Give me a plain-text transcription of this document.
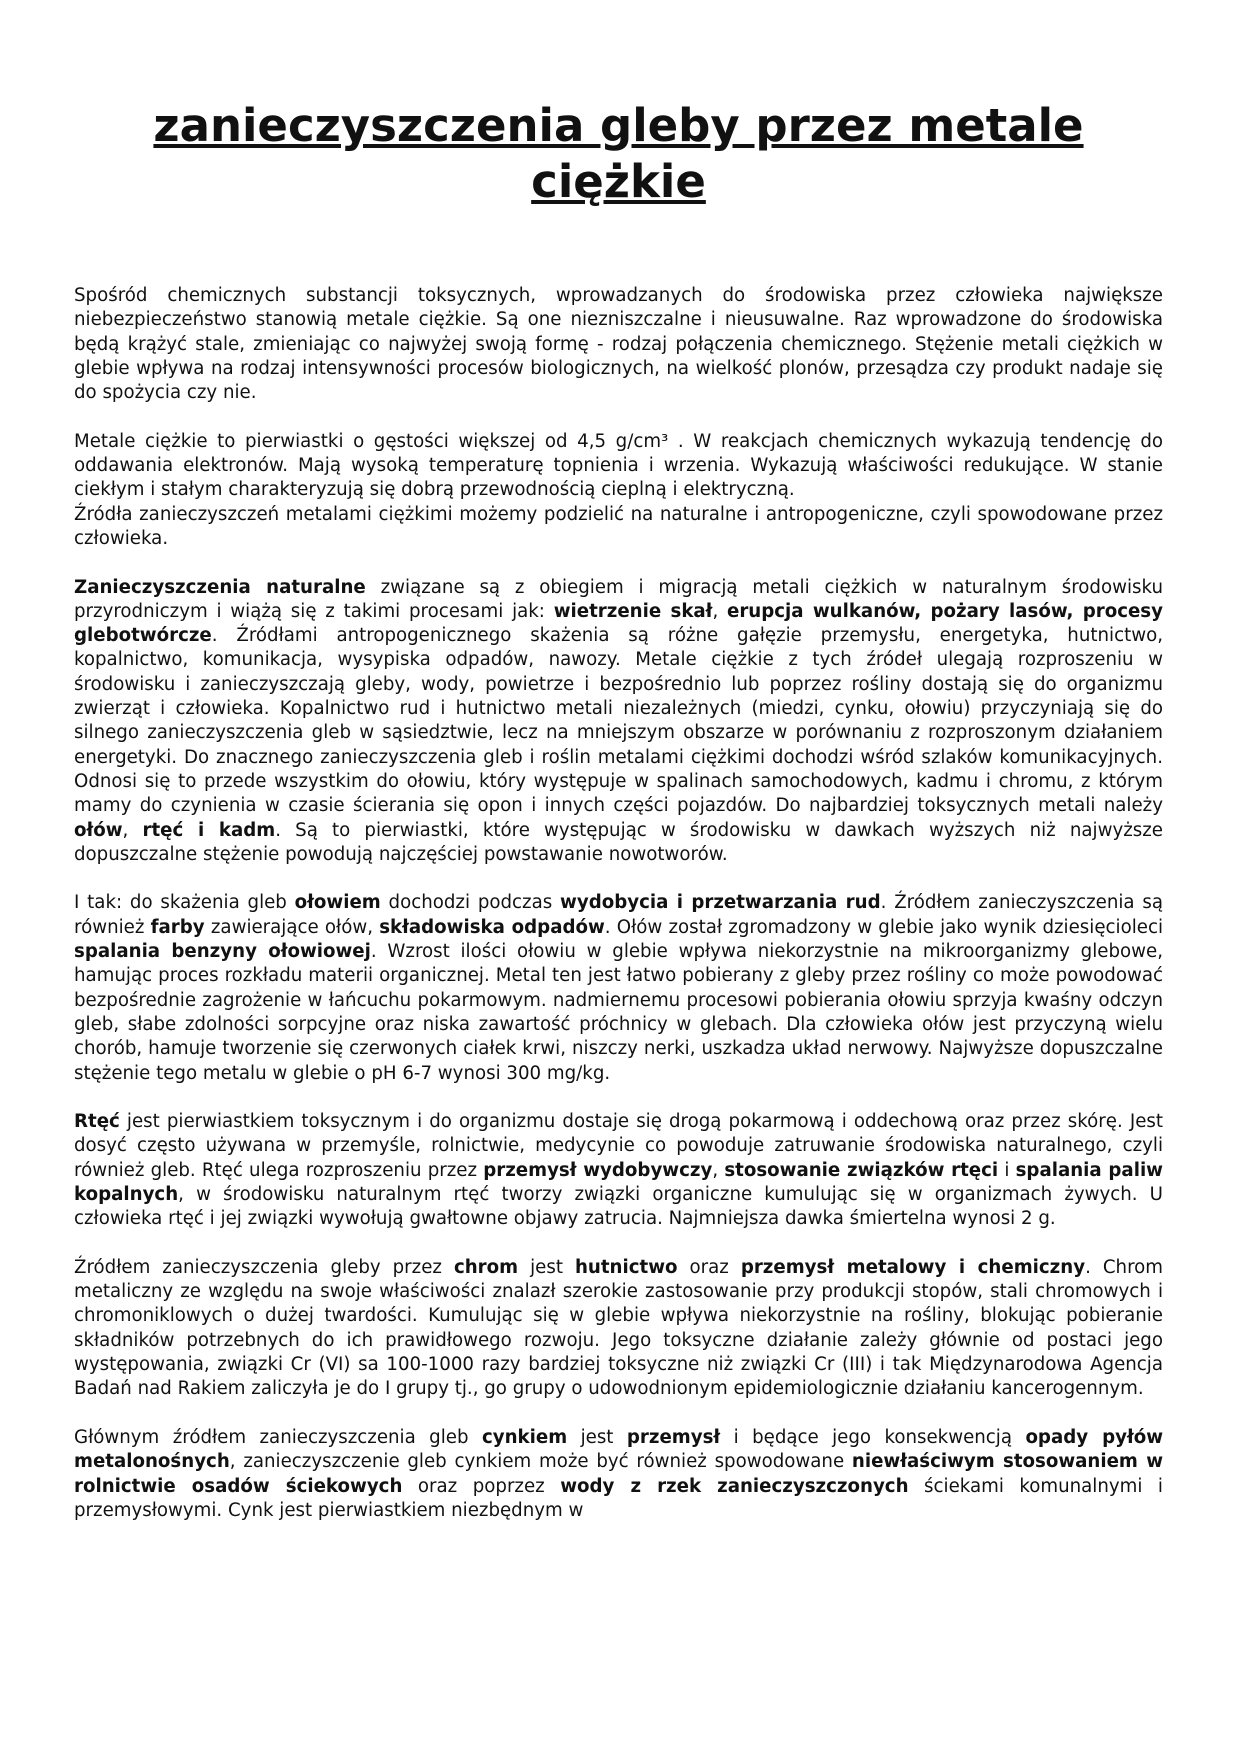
zanieczyszczenia gleby przez metale ciężkie

Spośród chemicznych substancji toksycznych, wprowadzanych do środowiska przez człowieka największe niebezpieczeństwo stanowią metale ciężkie. Są one niezniszczalne i nieusuwalne. Raz wprowadzone do środowiska będą krążyć stale, zmieniając co najwyżej swoją formę - rodzaj połączenia chemicznego. Stężenie metali ciężkich w glebie wpływa na rodzaj intensywności procesów biologicznych, na wielkość plonów, przesądza czy produkt nadaje się do spożycia czy nie.

Metale ciężkie to pierwiastki o gęstości większej od 4,5 g/cm³ . W reakcjach chemicznych wykazują tendencję do oddawania elektronów. Mają wysoką temperaturę topnienia i wrzenia. Wykazują właściwości redukujące. W stanie ciekłym i stałym charakteryzują się dobrą przewodnością cieplną i elektryczną.

Źródła zanieczyszczeń metalami ciężkimi możemy podzielić na naturalne i antropogeniczne, czyli spowodowane przez człowieka.

Zanieczyszczenia naturalne związane są z obiegiem i migracją metali ciężkich w naturalnym środowisku przyrodniczym i wiążą się z takimi procesami jak: wietrzenie skał, erupcja wulkanów, pożary lasów, procesy glebotwórcze. Źródłami antropogenicznego skażenia są różne gałęzie przemysłu, energetyka, hutnictwo, kopalnictwo, komunikacja, wysypiska odpadów, nawozy. Metale ciężkie z tych źródeł ulegają rozproszeniu w środowisku i zanieczyszczają gleby, wody, powietrze i bezpośrednio lub poprzez rośliny dostają się do organizmu zwierząt i człowieka. Kopalnictwo rud i hutnictwo metali niezależnych (miedzi, cynku, ołowiu) przyczyniają się do silnego zanieczyszczenia gleb w sąsiedztwie, lecz na mniejszym obszarze w porównaniu z rozproszonym działaniem energetyki. Do znacznego zanieczyszczenia gleb i roślin metalami ciężkimi dochodzi wśród szlaków komunikacyjnych. Odnosi się to przede wszystkim do ołowiu, który występuje w spalinach samochodowych, kadmu i chromu, z którym mamy do czynienia w czasie ścierania się opon i innych części pojazdów. Do najbardziej toksycznych metali należy ołów, rtęć i kadm. Są to pierwiastki, które występując w środowisku w dawkach wyższych niż najwyższe dopuszczalne stężenie powodują najczęściej powstawanie nowotworów.

I tak: do skażenia gleb ołowiem dochodzi podczas wydobycia i przetwarzania rud. Źródłem zanieczyszczenia są również farby zawierające ołów, składowiska odpadów. Ołów został zgromadzony w glebie jako wynik dziesięcioleci spalania benzyny ołowiowej. Wzrost ilości ołowiu w glebie wpływa niekorzystnie na mikroorganizmy glebowe, hamując proces rozkładu materii organicznej. Metal ten jest łatwo pobierany z gleby przez rośliny co może powodować bezpośrednie zagrożenie w łańcuchu pokarmowym. nadmiernemu procesowi pobierania ołowiu sprzyja kwaśny odczyn gleb, słabe zdolności sorpcyjne oraz niska zawartość próchnicy w glebach. Dla człowieka ołów jest przyczyną wielu chorób, hamuje tworzenie się czerwonych ciałek krwi, niszczy nerki, uszkadza układ nerwowy. Najwyższe dopuszczalne stężenie tego metalu w glebie o pH 6-7 wynosi 300 mg/kg.

Rtęć jest pierwiastkiem toksycznym i do organizmu dostaje się drogą pokarmową i oddechową oraz przez skórę. Jest dosyć często używana w przemyśle, rolnictwie, medycynie co powoduje zatruwanie środowiska naturalnego, czyli również gleb. Rtęć ulega rozproszeniu przez przemysł wydobywczy, stosowanie związków rtęci i spalania paliw kopalnych, w środowisku naturalnym rtęć tworzy związki organiczne kumulując się w organizmach żywych. U człowieka rtęć i jej związki wywołują gwałtowne objawy zatrucia. Najmniejsza dawka śmiertelna wynosi 2 g.

Źródłem zanieczyszczenia gleby przez chrom jest hutnictwo oraz przemysł metalowy i chemiczny. Chrom metaliczny ze względu na swoje właściwości znalazł szerokie zastosowanie przy produkcji stopów, stali chromowych i chromoniklowych o dużej twardości. Kumulując się w glebie wpływa niekorzystnie na rośliny, blokując pobieranie składników potrzebnych do ich prawidłowego rozwoju. Jego toksyczne działanie zależy głównie od postaci jego występowania, związki Cr (VI) sa 100-1000 razy bardziej toksyczne niż związki Cr (III) i tak Międzynarodowa Agencja Badań nad Rakiem zaliczyła je do I grupy tj., go grupy o udowodnionym epidemiologicznie działaniu kancerogennym.

Głównym źródłem zanieczyszczenia gleb cynkiem jest przemysł i będące jego konsekwencją opady pyłów metalonośnych, zanieczyszczenie gleb cynkiem może być również spowodowane niewłaściwym stosowaniem w rolnictwie osadów ściekowych oraz poprzez wody z rzek zanieczyszczonych ściekami komunalnymi i przemysłowymi. Cynk jest pierwiastkiem niezbędnym w
